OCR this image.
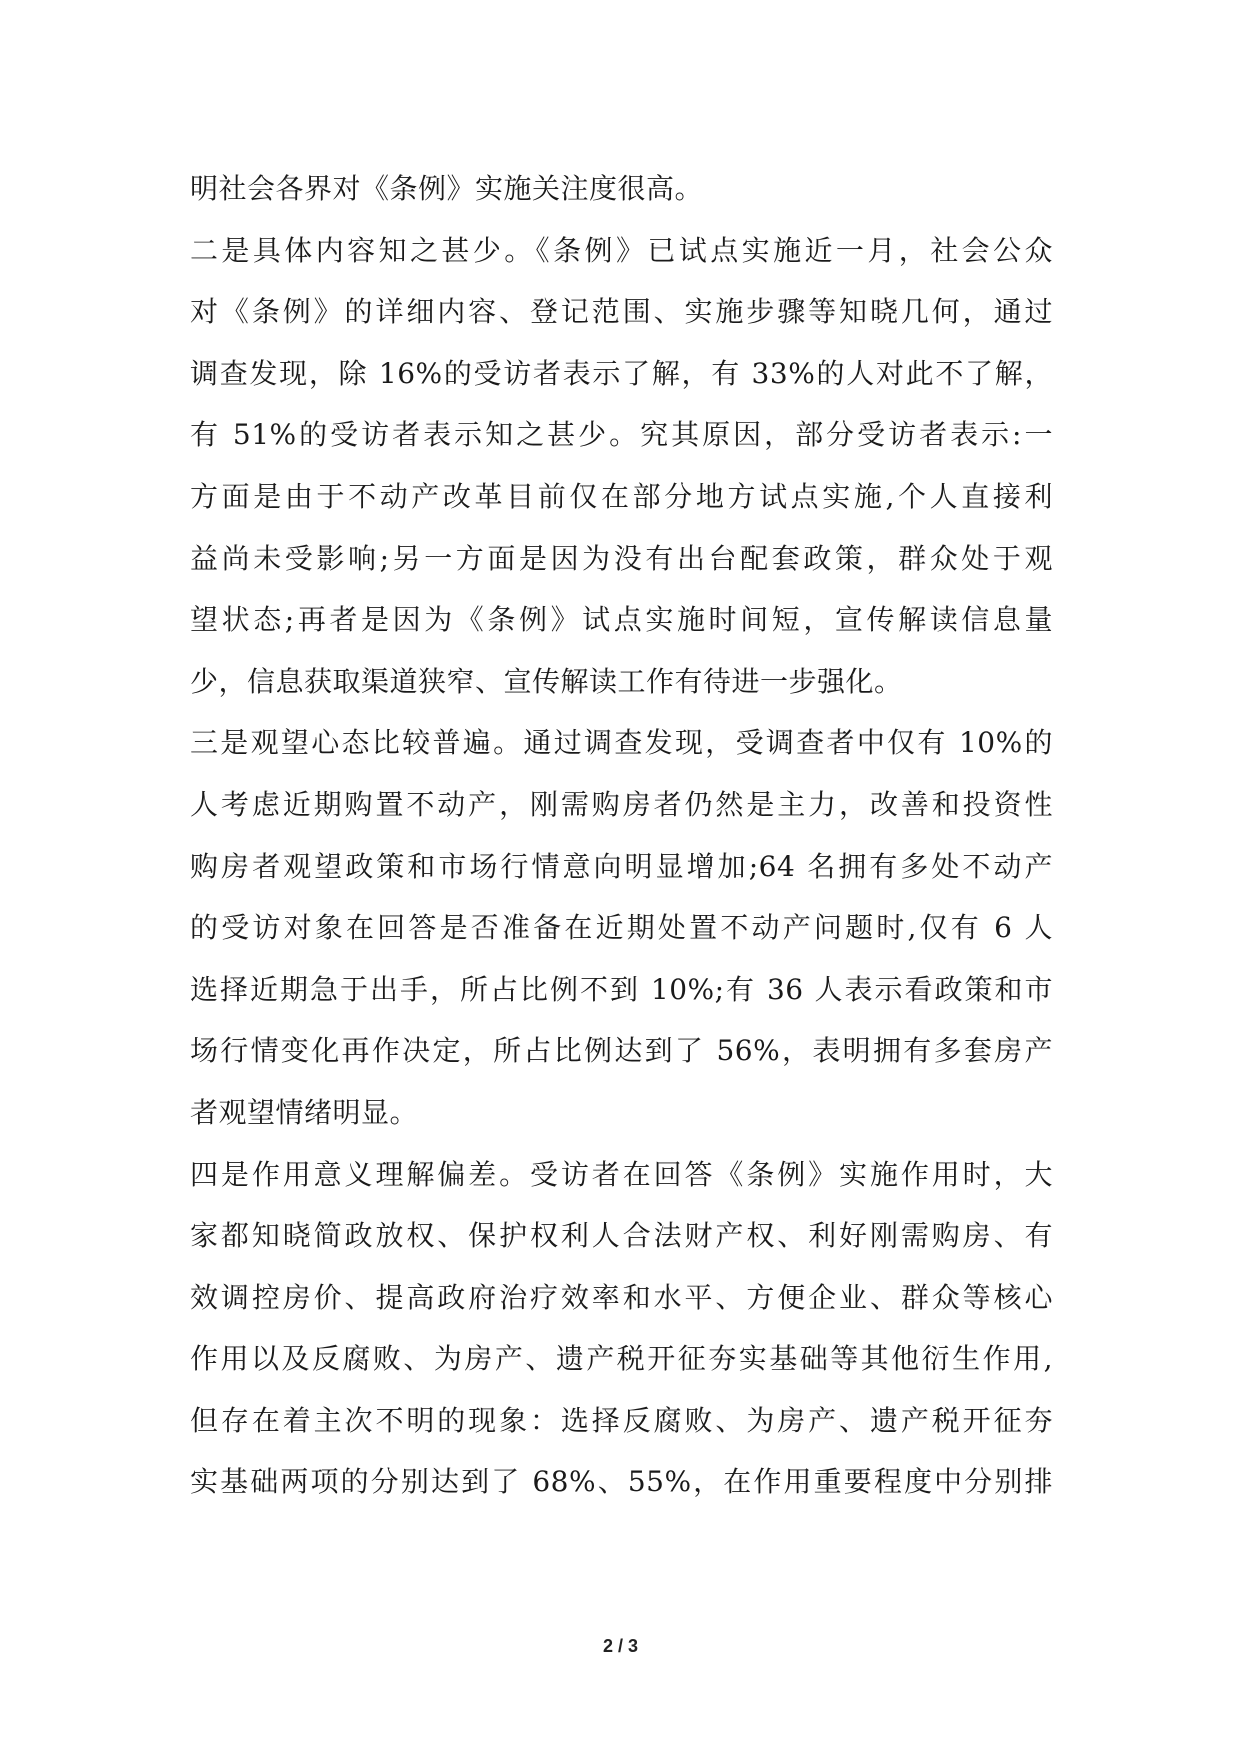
明社会各界对《条例》实施关注度很高。
二是具体内容知之甚少。《条例》已试点实施近一月，社会公众
对《条例》的详细内容、登记范围、实施步骤等知晓几何，通过
调查发现，除 16%的受访者表示了解，有 33%的人对此不了解，
有 51%的受访者表示知之甚少。究其原因，部分受访者表示:一
方面是由于不动产改革目前仅在部分地方试点实施,个人直接利
益尚未受影响;另一方面是因为没有出台配套政策，群众处于观
望状态;再者是因为《条例》试点实施时间短，宣传解读信息量
少，信息获取渠道狭窄、宣传解读工作有待进一步强化。
三是观望心态比较普遍。通过调查发现，受调查者中仅有 10%的
人考虑近期购置不动产，刚需购房者仍然是主力，改善和投资性
购房者观望政策和市场行情意向明显增加;64 名拥有多处不动产
的受访对象在回答是否准备在近期处置不动产问题时,仅有 6 人
选择近期急于出手，所占比例不到 10%;有 36 人表示看政策和市
场行情变化再作决定，所占比例达到了 56%，表明拥有多套房产
者观望情绪明显。
四是作用意义理解偏差。受访者在回答《条例》实施作用时，大
家都知晓简政放权、保护权利人合法财产权、利好刚需购房、有
效调控房价、提高政府治疗效率和水平、方便企业、群众等核心
作用以及反腐败、为房产、遗产税开征夯实基础等其他衍生作用,
但存在着主次不明的现象：选择反腐败、为房产、遗产税开征夯
实基础两项的分别达到了 68%、55%，在作用重要程度中分别排
2 / 3
